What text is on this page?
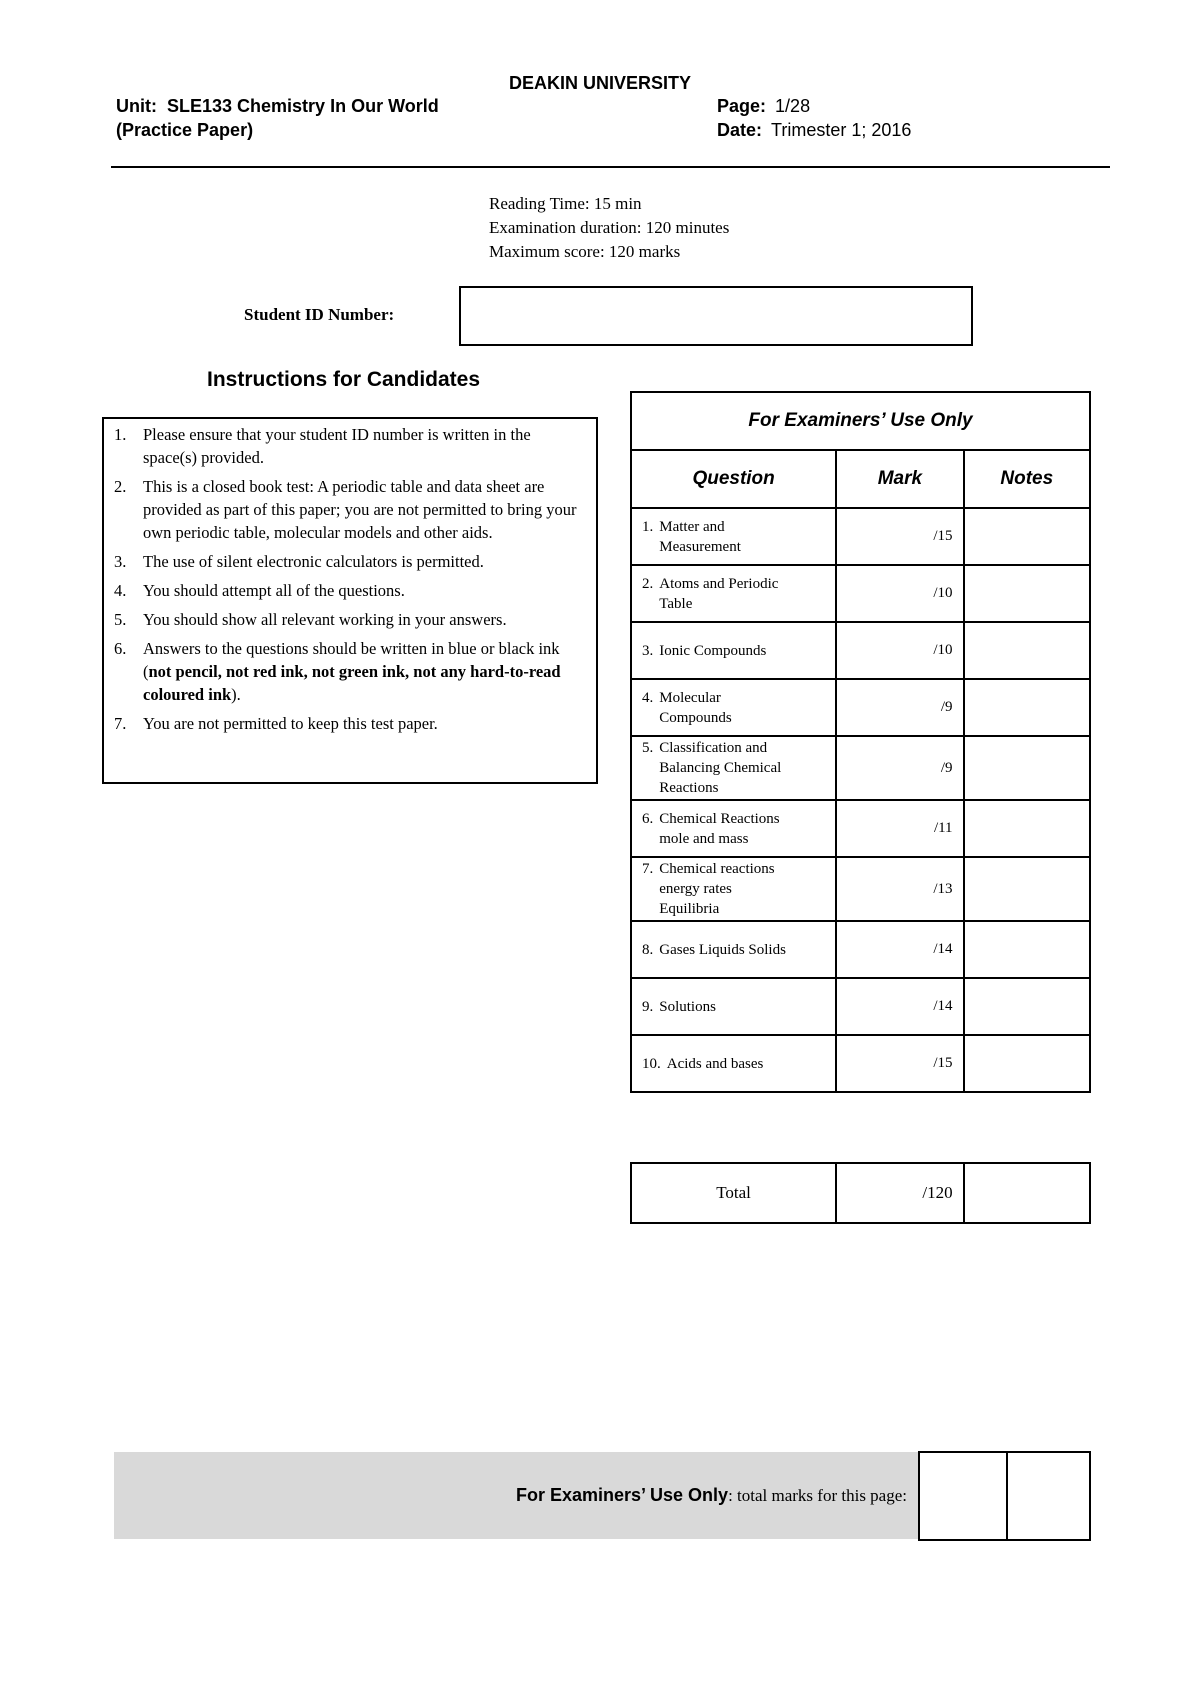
DEAKIN UNIVERSITY
Unit: SLE133 Chemistry In Our World
(Practice Paper)
Page: 1/28
Date: Trimester 1; 2016
Reading Time: 15 min
Examination duration: 120 minutes
Maximum score: 120 marks
Student ID Number:
Instructions for Candidates
1.	Please ensure that your student ID number is written in the space(s) provided.
2.	This is a closed book test: A periodic table and data sheet are provided as part of this paper; you are not permitted to bring your own periodic table, molecular models and other aids.
3.	The use of silent electronic calculators is permitted.
4.	You should attempt all of the questions.
5.	You should show all relevant working in your answers.
6.	Answers to the questions should be written in blue or black ink (not pencil, not red ink, not green ink, not any hard-to-read coloured ink).
7.	You are not permitted to keep this test paper.
For Examiners’ Use Only		
Question	Mark	Notes

1. Matter and
Measurement	/15	

2. Atoms and Periodic
Table	/10	

3. Ionic Compounds	/10	

4. Molecular
Compounds	/9	

5. Classification and
Balancing Chemical
Reactions	/9	

6. Chemical Reactions
mole and mass	/11	

7. Chemical reactions
energy rates
Equilibria	/13	

8. Gases Liquids Solids	/14	

9. Solutions	/14	

10. Acids and bases	/15	
Total	/120	
For Examiners’ Use Only: total marks for this page:
